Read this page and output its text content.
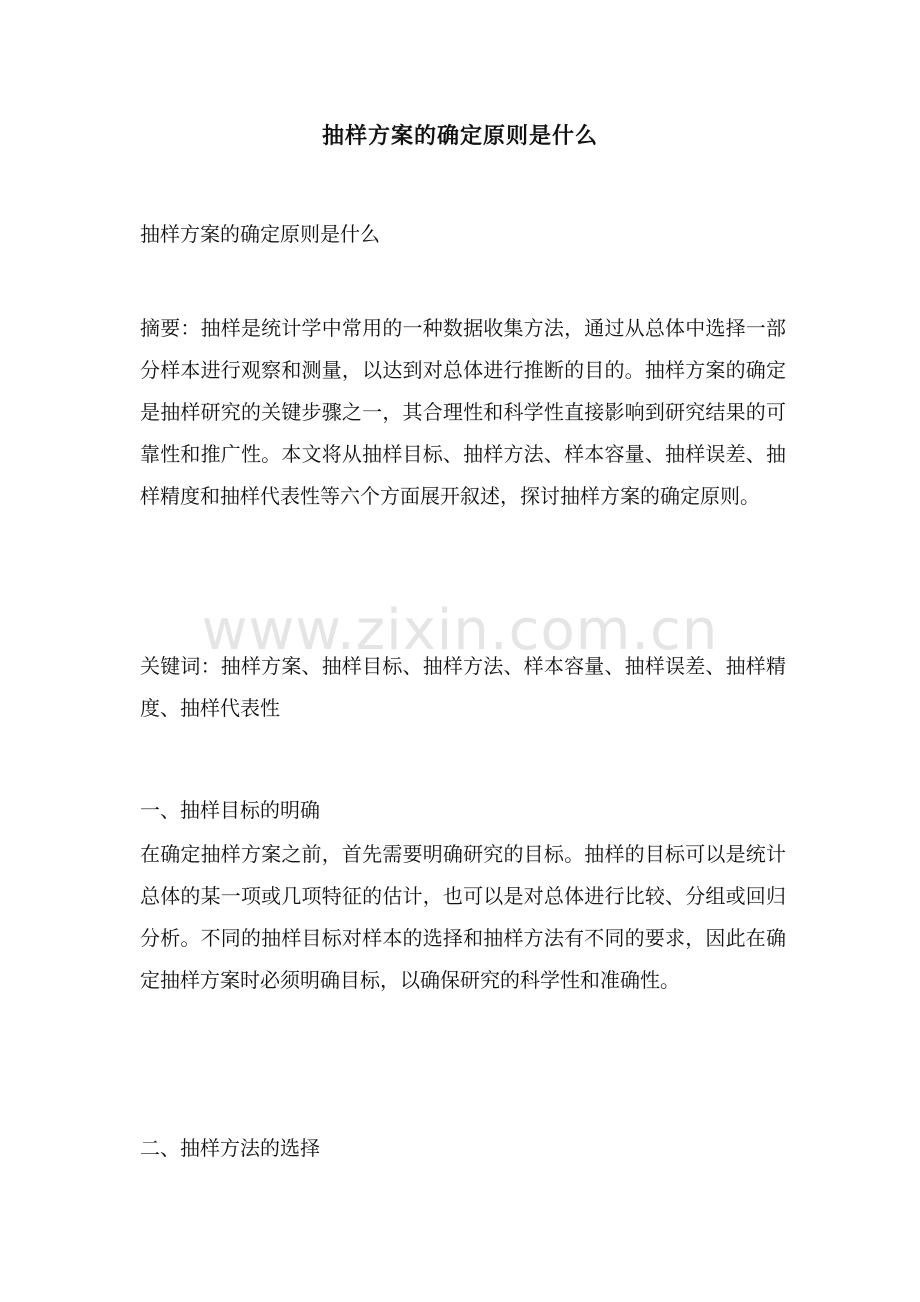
抽样方案的确定原则是什么
抽样方案的确定原则是什么
摘要：抽样是统计学中常用的一种数据收集方法，通过从总体中选择一部分样本进行观察和测量，以达到对总体进行推断的目的。抽样方案的确定是抽样研究的关键步骤之一，其合理性和科学性直接影响到研究结果的可靠性和推广性。本文将从抽样目标、抽样方法、样本容量、抽样误差、抽样精度和抽样代表性等六个方面展开叙述，探讨抽样方案的确定原则。
关键词：抽样方案、抽样目标、抽样方法、样本容量、抽样误差、抽样精度、抽样代表性
一、抽样目标的明确
在确定抽样方案之前，首先需要明确研究的目标。抽样的目标可以是统计总体的某一项或几项特征的估计，也可以是对总体进行比较、分组或回归分析。不同的抽样目标对样本的选择和抽样方法有不同的要求，因此在确定抽样方案时必须明确目标，以确保研究的科学性和准确性。
二、抽样方法的选择
www.zixin.com.cn
